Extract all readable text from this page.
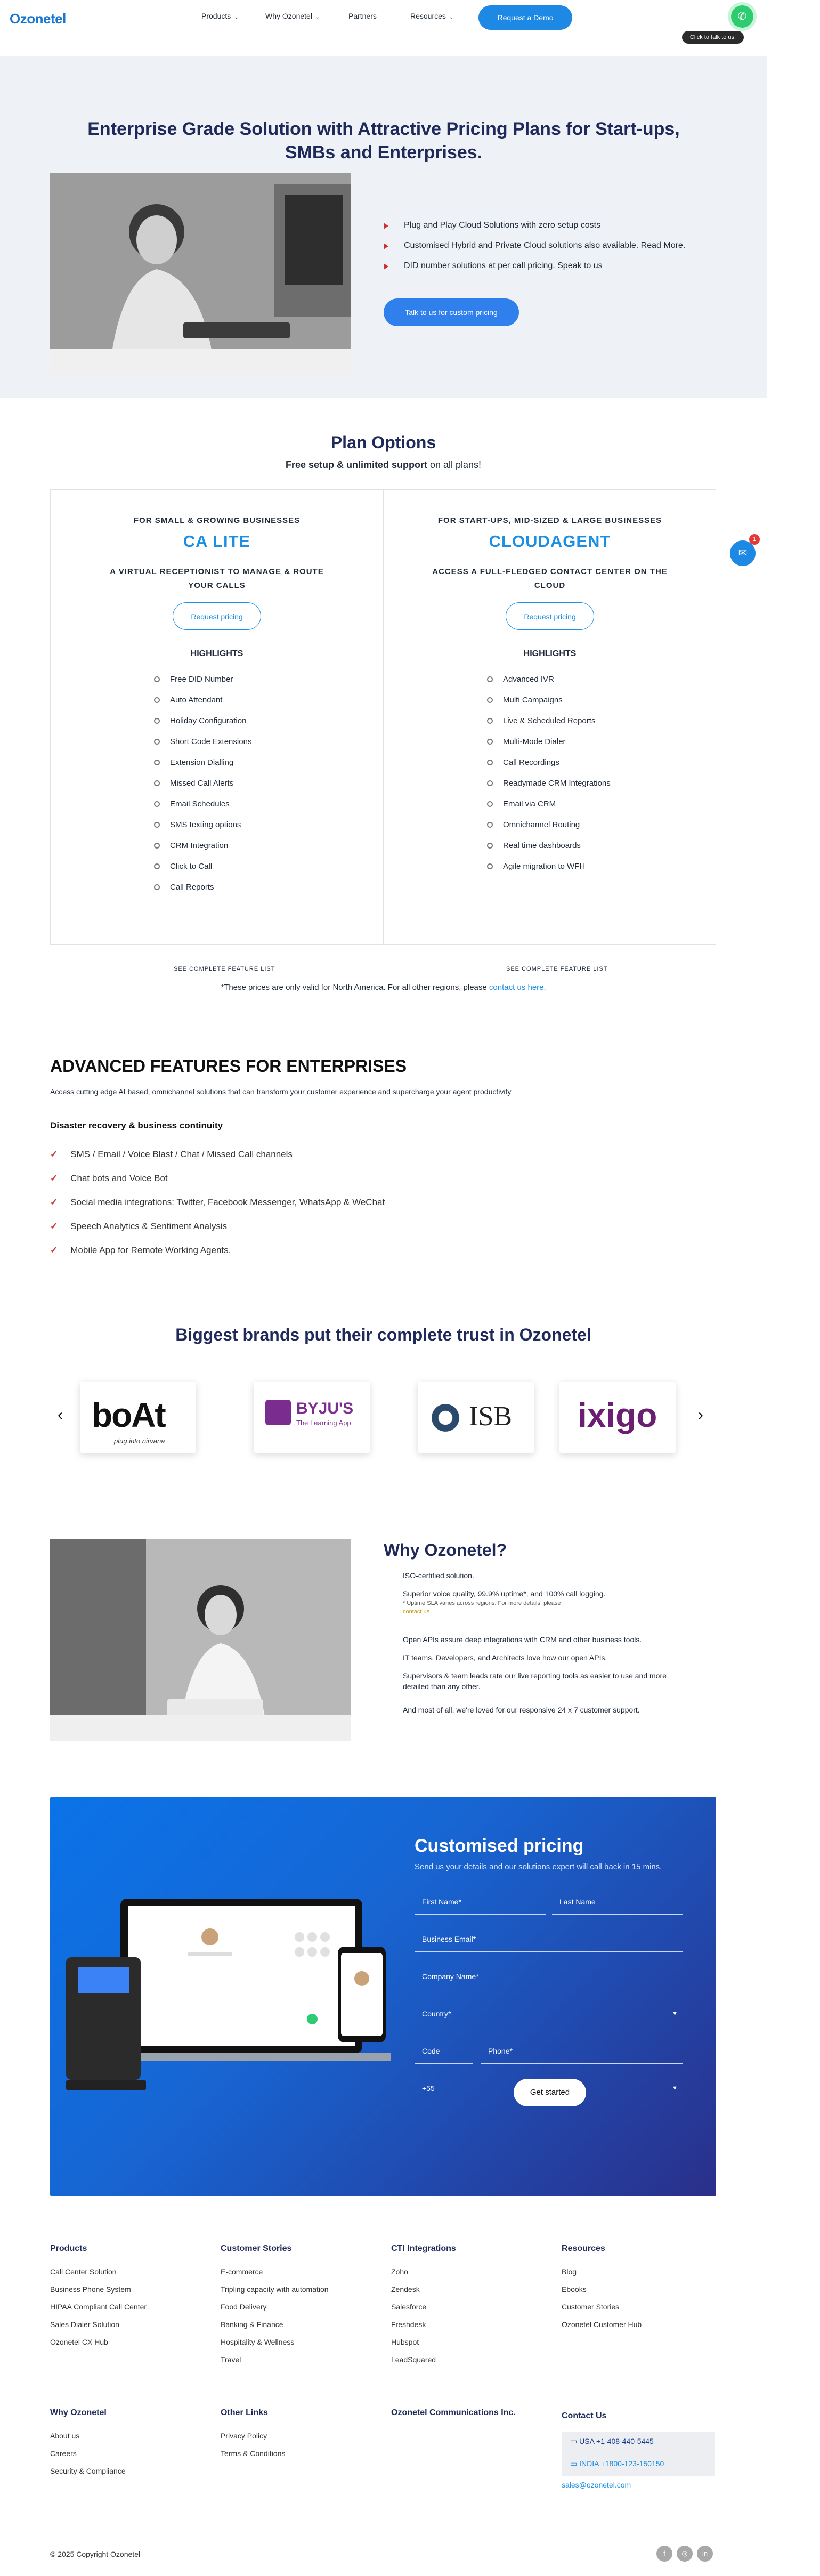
Ozonetel	Products ⌄	Why Ozonetel ⌄	Partners	Resources ⌄	Request a Demo	✆
Click to talk to us!
Enterprise Grade Solution with Attractive Pricing Plans for Start-ups, SMBs and Enterprises.
Plug and Play Cloud Solutions with zero setup costs
Customised Hybrid and Private Cloud solutions also available. Read More.
DID number solutions at per call pricing. Speak to us
Talk to us for custom pricing
Plan Options
Free setup & unlimited support on all plans!
FOR SMALL & GROWING BUSINESSES
CA LITE
A VIRTUAL RECEPTIONIST TO MANAGE & ROUTE YOUR CALLS
Request pricing
HIGHLIGHTS
Free DID Number
Auto Attendant
Holiday Configuration
Short Code Extensions
Extension Dialling
Missed Call Alerts
Email Schedules
SMS texting options
CRM Integration
Click to Call
Call Reports
FOR START-UPS, MID-SIZED & LARGE BUSINESSES
CLOUDAGENT
ACCESS A FULL-FLEDGED CONTACT CENTER ON THE CLOUD
Request pricing
HIGHLIGHTS
Advanced IVR
Multi Campaigns
Live & Scheduled Reports
Multi-Mode Dialer
Call Recordings
Readymade CRM Integrations
Email via CRM
Omnichannel Routing
Real time dashboards
Agile migration to WFH
SEE COMPLETE FEATURE LIST	SEE COMPLETE FEATURE LIST
*These prices are only valid for North America. For all other regions, please contact us here.
✉
1
ADVANCED FEATURES FOR ENTERPRISES
Access cutting edge AI based, omnichannel solutions that can transform your customer experience and supercharge your agent productivity
Disaster recovery & business continuity
✓ SMS / Email / Voice Blast / Chat / Missed Call channels
✓ Chat bots and Voice Bot
✓ Social media integrations: Twitter, Facebook Messenger, WhatsApp & WeChat
✓ Speech Analytics & Sentiment Analysis
✓ Mobile App for Remote Working Agents.
Biggest brands put their complete trust in Ozonetel
‹	›
boAt
plug into nirvana
BYJU'S
The Learning App	ISB ixigo
Why Ozonetel?
ISO-certified solution.
Superior voice quality, 99.9% uptime*, and 100% call logging.
* Uptime SLA varies across regions. For more details, please
contact us
Open APIs assure deep integrations with CRM and other business tools.
IT teams, Developers, and Architects love how our open APIs.
Supervisors & team leads rate our live reporting tools as easier to use and more detailed than any other.
And most of all, we're loved for our responsive 24 x 7 customer support.
Customised pricing
Send us your details and our solutions expert will call back in 15 mins.
First Name*	Last Name
Business Email*
Company Name*
Country*	▼
Code	Phone*
+55	▼
Get started
Products
Call Center Solution
Business Phone System
HIPAA Compliant Call Center
Sales Dialer Solution
Ozonetel CX Hub
Customer Stories
E-commerce
Tripling capacity with automation
Food Delivery
Banking & Finance
Hospitality & Wellness
Travel
CTI Integrations
Zoho
Zendesk
Salesforce
Freshdesk
Hubspot
LeadSquared
Resources
Blog
Ebooks
Customer Stories
Ozonetel Customer Hub
Why Ozonetel
About us
Careers
Security & Compliance
Other Links
Privacy Policy
Terms & Conditions
Ozonetel Communications Inc.	Contact Us
▭ USA +1-408-440-5445
▭ INDIA +1800-123-150150
sales@ozonetel.com
© 2025 Copyright Ozonetel	f	◎	in
